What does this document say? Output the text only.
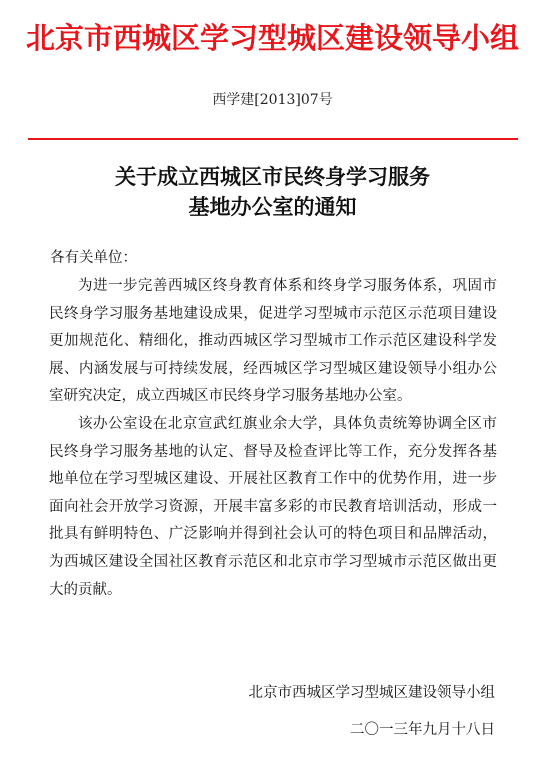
北京市西城区学习型城区建设领导小组
西学建[2013]07号
关于成立西城区市民终身学习服务
基地办公室的通知
各有关单位：

为进一步完善西城区终身教育体系和终身学习服务体系，巩固市民终身学习服务基地建设成果，促进学习型城市示范区示范项目建设更加规范化、精细化，推动西城区学习型城市工作示范区建设科学发展、内涵发展与可持续发展，经西城区学习型城区建设领导小组办公室研究决定，成立西城区市民终身学习服务基地办公室。

该办公室设在北京宣武红旗业余大学，具体负责统筹协调全区市民终身学习服务基地的认定、督导及检查评比等工作，充分发挥各基地单位在学习型城区建设、开展社区教育工作中的优势作用，进一步面向社会开放学习资源，开展丰富多彩的市民教育培训活动，形成一批具有鲜明特色、广泛影响并得到社会认可的特色项目和品牌活动，为西城区建设全国社区教育示范区和北京市学习型城市示范区做出更大的贡献。

北京市西城区学习型城区建设领导小组
二〇一三年九月十八日
